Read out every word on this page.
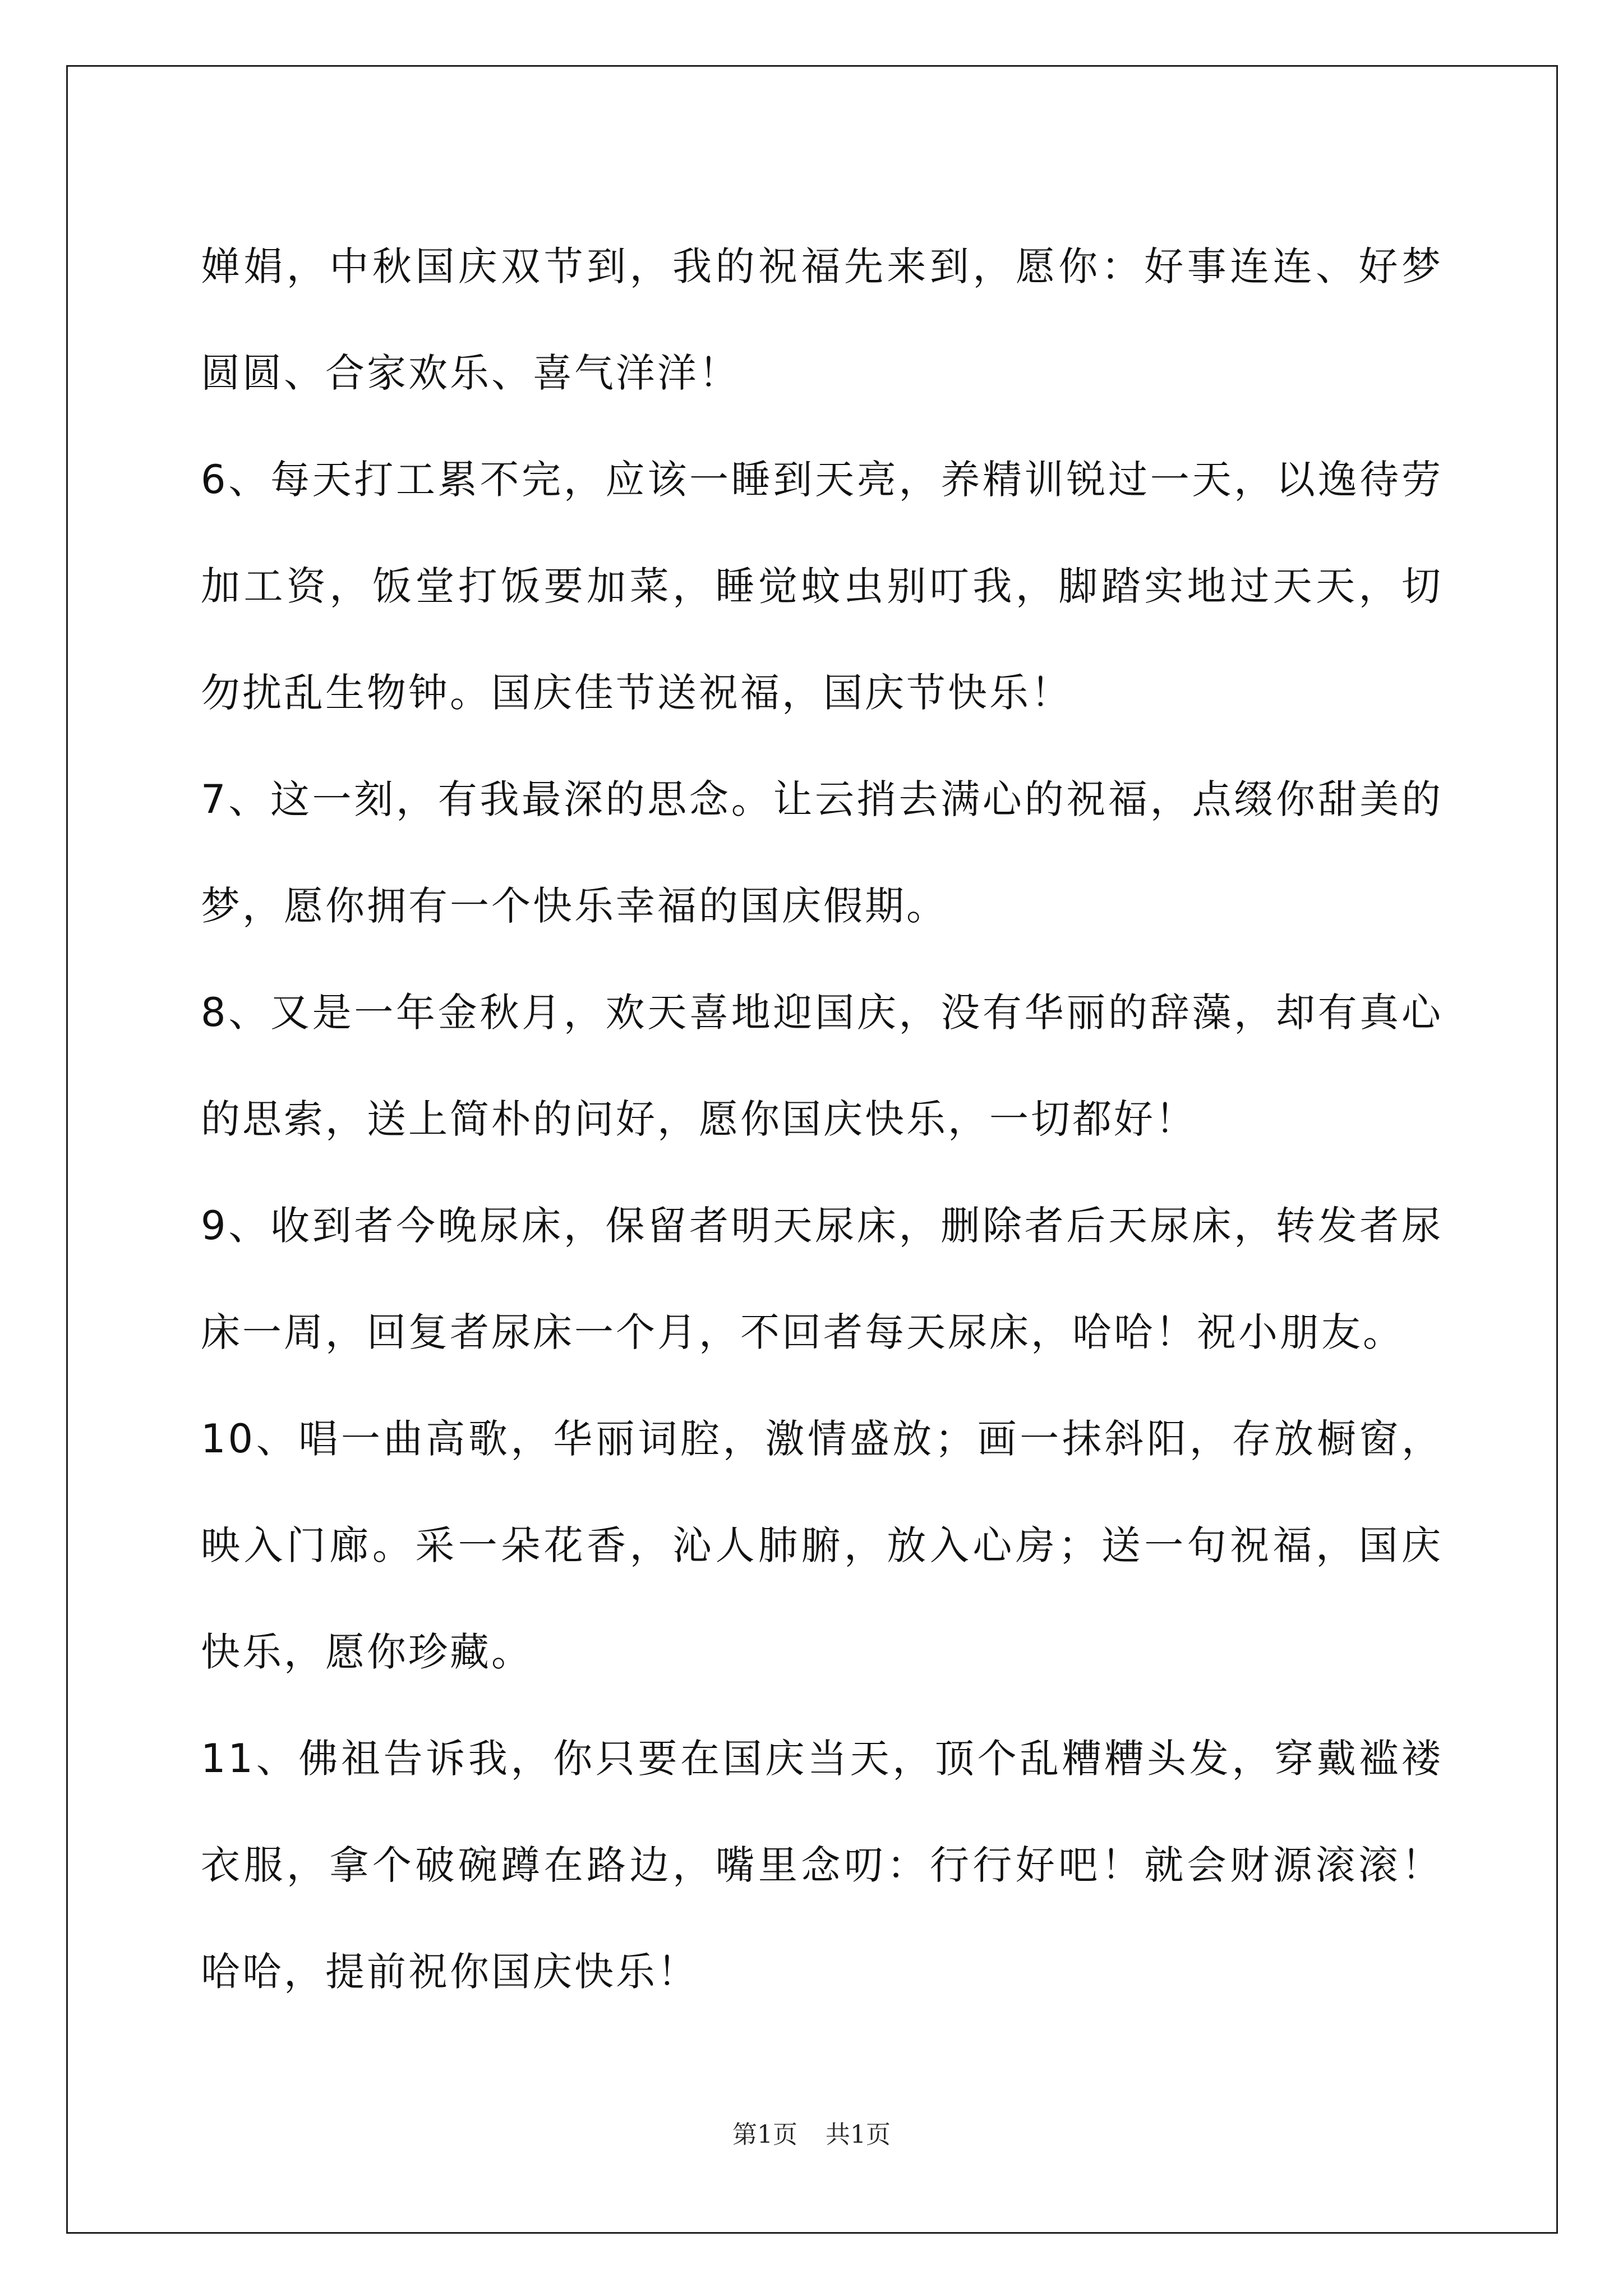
婵娟，中秋国庆双节到，我的祝福先来到，愿你：好事连连、好梦圆圆、合家欢乐、喜气洋洋！

6、每天打工累不完，应该一睡到天亮，养精训锐过一天，以逸待劳加工资，饭堂打饭要加菜，睡觉蚊虫别叮我，脚踏实地过天天，切勿扰乱生物钟。国庆佳节送祝福，国庆节快乐！

7、这一刻，有我最深的思念。让云捎去满心的祝福，点缀你甜美的梦，愿你拥有一个快乐幸福的国庆假期。

8、又是一年金秋月，欢天喜地迎国庆，没有华丽的辞藻，却有真心的思索，送上简朴的问好，愿你国庆快乐，一切都好！

9、收到者今晚尿床，保留者明天尿床，删除者后天尿床，转发者尿床一周，回复者尿床一个月，不回者每天尿床，哈哈！祝小朋友。

10、唱一曲高歌，华丽词腔，激情盛放；画一抹斜阳，存放橱窗，映入门廊。采一朵花香，沁人肺腑，放入心房；送一句祝福，国庆快乐，愿你珍藏。

11、佛祖告诉我，你只要在国庆当天，顶个乱糟糟头发，穿戴褴褛衣服，拿个破碗蹲在路边，嘴里念叨：行行好吧！就会财源滚滚！哈哈，提前祝你国庆快乐！

第1页 共1页
